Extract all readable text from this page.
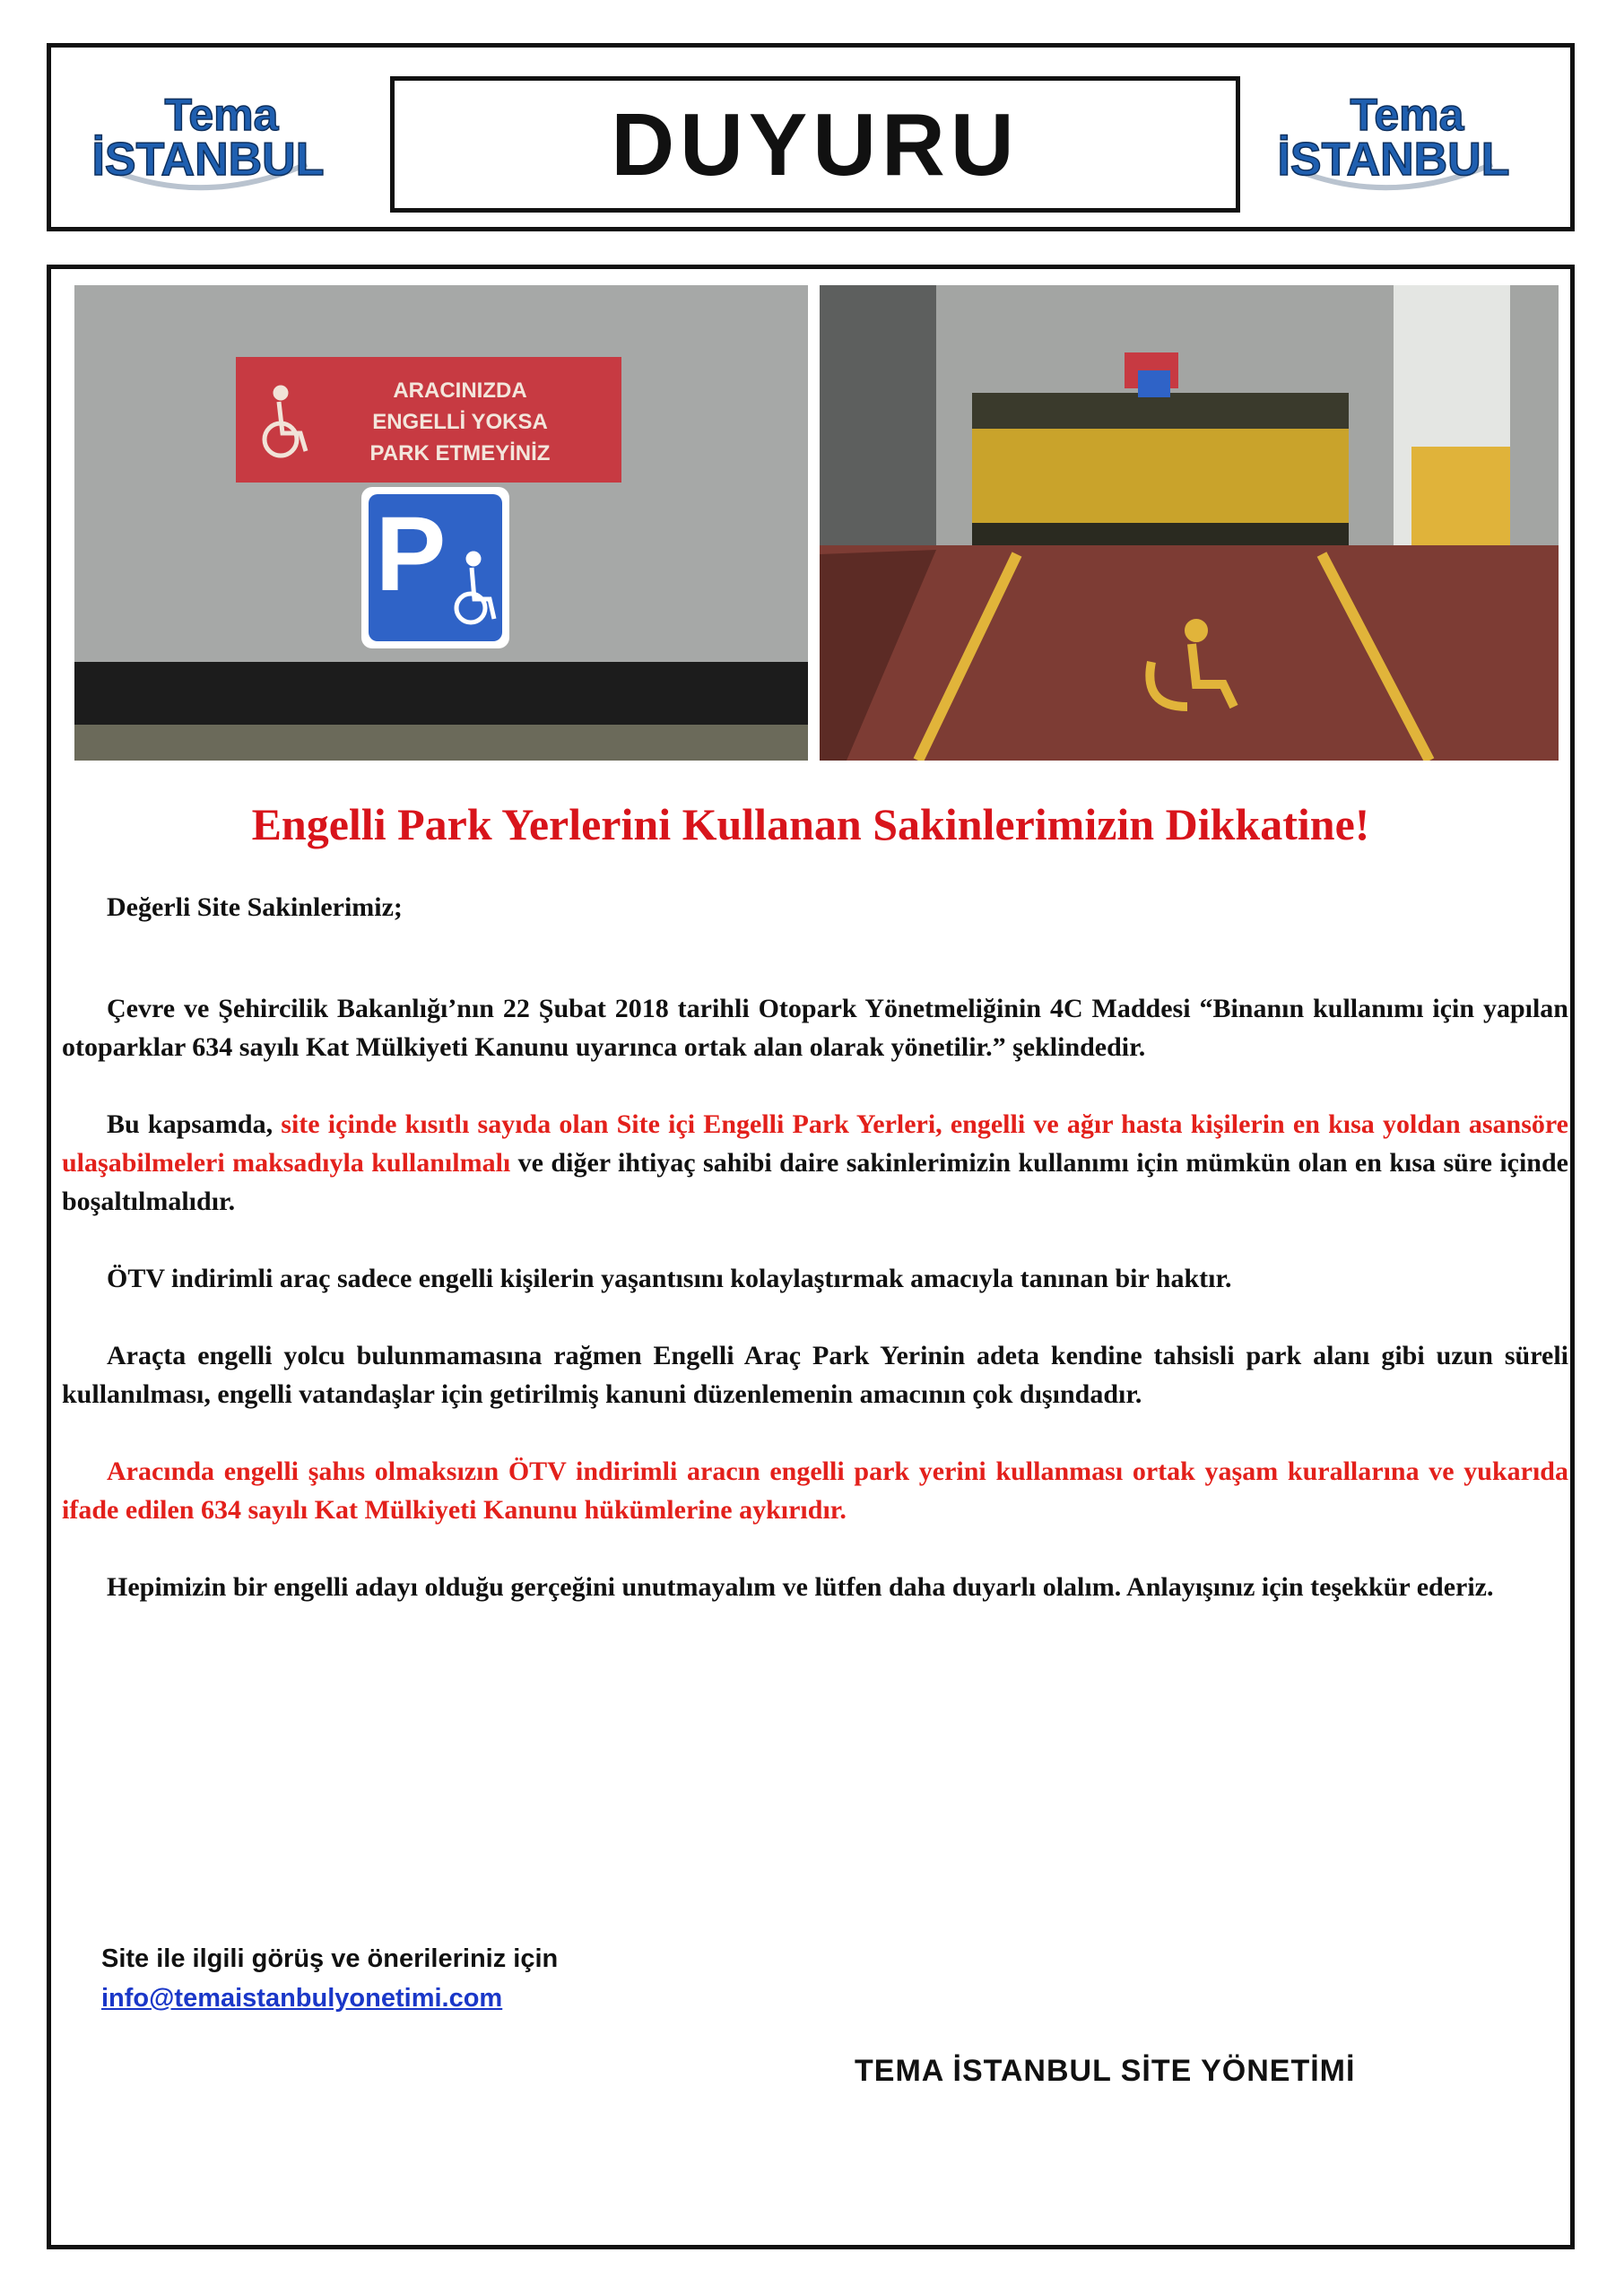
Tema
İSTANBUL	DUYURU	Tema
İSTANBUL
ARACINIZDA
ENGELLİ YOKSA
PARK ETMEYİNİZ
P
Engelli Park Yerlerini Kullanan Sakinlerimizin Dikkatine!

Değerli Site Sakinlerimiz;

Çevre ve Şehircilik Bakanlığı’nın 22 Şubat 2018 tarihli Otopark Yönetmeliğinin 4C Maddesi “Binanın kullanımı için yapılan otoparklar 634 sayılı Kat Mülkiyeti Kanunu uyarınca ortak alan olarak yönetilir.” şeklindedir.

Bu kapsamda, site içinde kısıtlı sayıda olan Site içi Engelli Park Yerleri, engelli ve ağır hasta kişilerin en kısa yoldan asansöre ulaşabilmeleri maksadıyla kullanılmalı ve diğer ihtiyaç sahibi daire sakinlerimizin kullanımı için mümkün olan en kısa süre içinde boşaltılmalıdır.

ÖTV indirimli araç sadece engelli kişilerin yaşantısını kolaylaştırmak amacıyla tanınan bir haktır.

Araçta engelli yolcu bulunmamasına rağmen Engelli Araç Park Yerinin adeta kendine tahsisli park alanı gibi uzun süreli kullanılması, engelli vatandaşlar için getirilmiş kanuni düzenlemenin amacının çok dışındadır.

Aracında engelli şahıs olmaksızın ÖTV indirimli aracın engelli park yerini kullanması ortak yaşam kurallarına ve yukarıda ifade edilen 634 sayılı Kat Mülkiyeti Kanunu hükümlerine aykırıdır.

Hepimizin bir engelli adayı olduğu gerçeğini unutmayalım ve lütfen daha duyarlı olalım. Anlayışınız için teşekkür ederiz.

Site ile ilgili görüş ve önerileriniz için
info@temaistanbulyonetimi.com
TEMA İSTANBUL SİTE YÖNETİMİ
